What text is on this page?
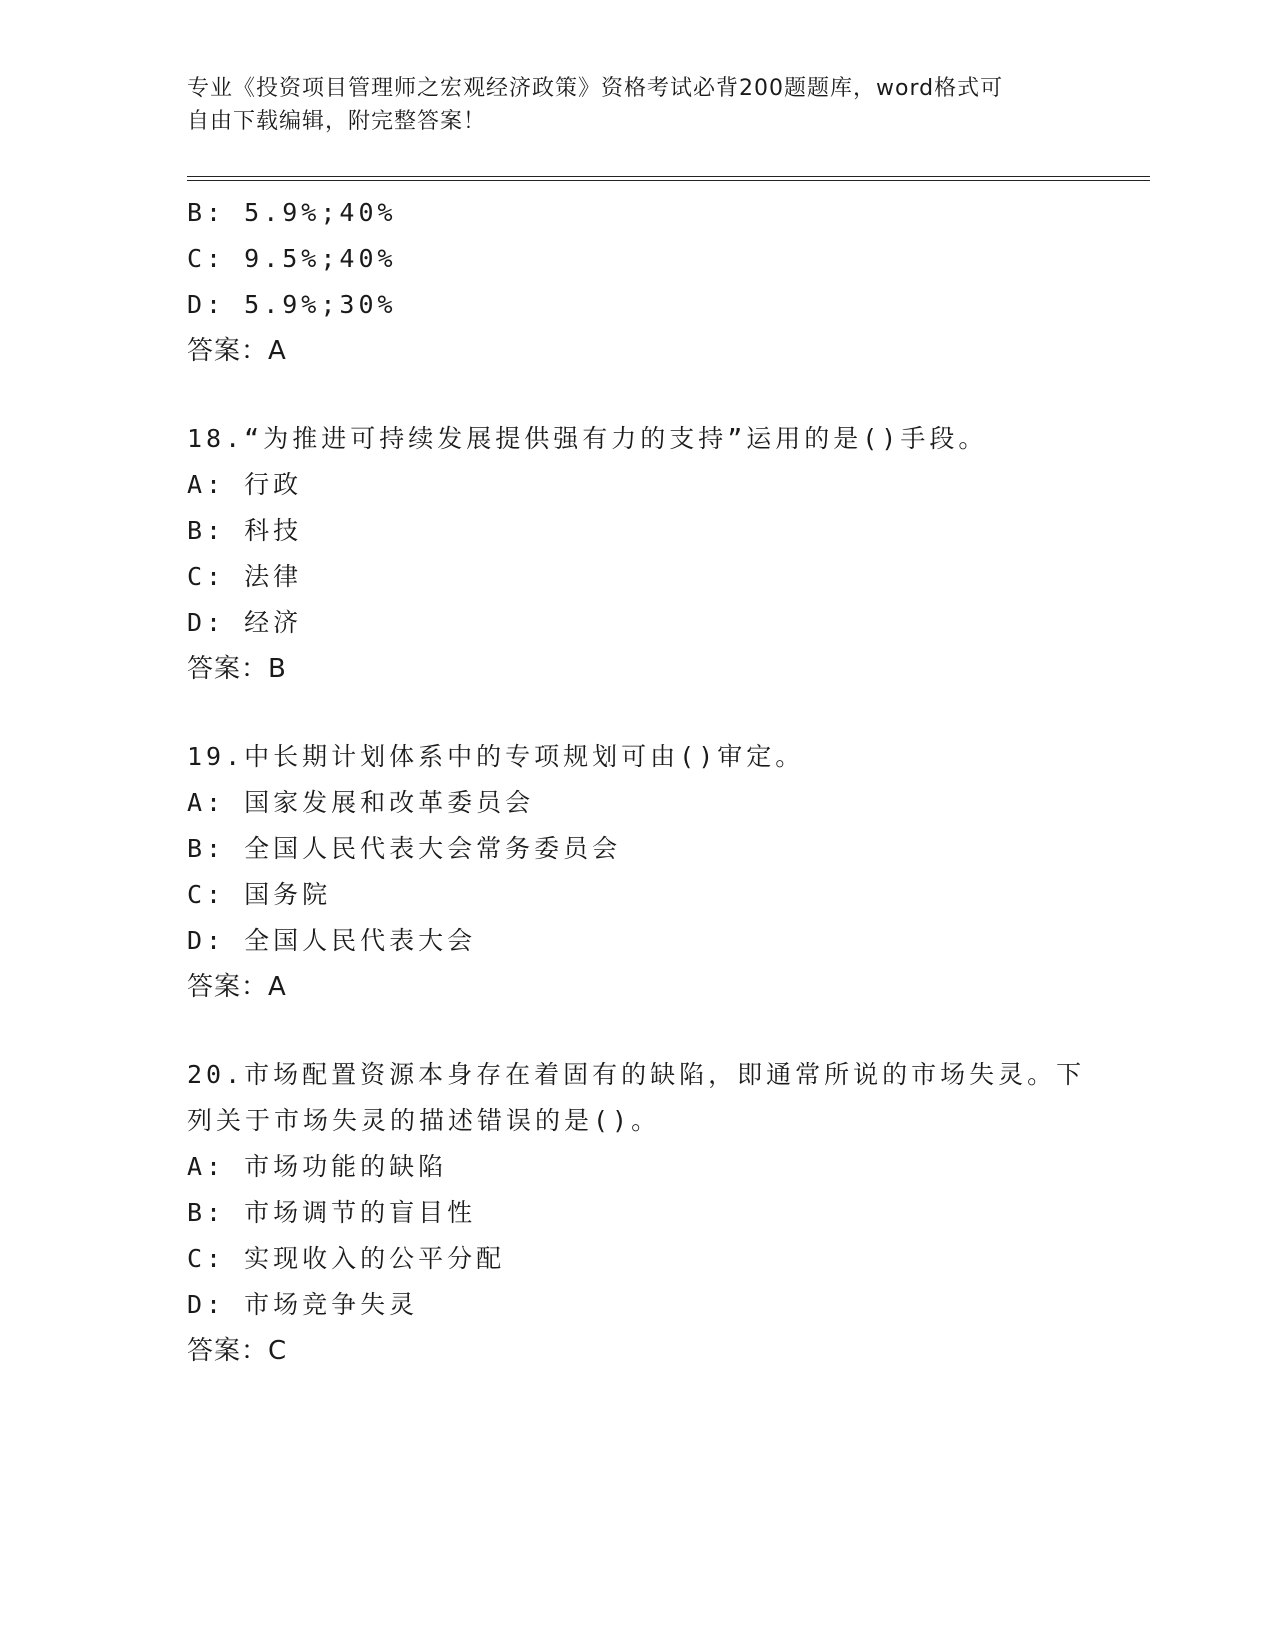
专业《投资项目管理师之宏观经济政策》资格考试必背200题题库，word格式可
自由下载编辑，附完整答案！
B: 5.9%;40%
C: 9.5%;40%
D: 5.9%;30%
答案：A
18.“为推进可持续发展提供强有力的支持”运用的是()手段。
A: 行政
B: 科技
C: 法律
D: 经济
答案：B
19.中长期计划体系中的专项规划可由()审定。
A: 国家发展和改革委员会
B: 全国人民代表大会常务委员会
C: 国务院
D: 全国人民代表大会
答案：A
20.市场配置资源本身存在着固有的缺陷，即通常所说的市场失灵。下
列关于市场失灵的描述错误的是()。
A: 市场功能的缺陷
B: 市场调节的盲目性
C: 实现收入的公平分配
D: 市场竞争失灵
答案：C
